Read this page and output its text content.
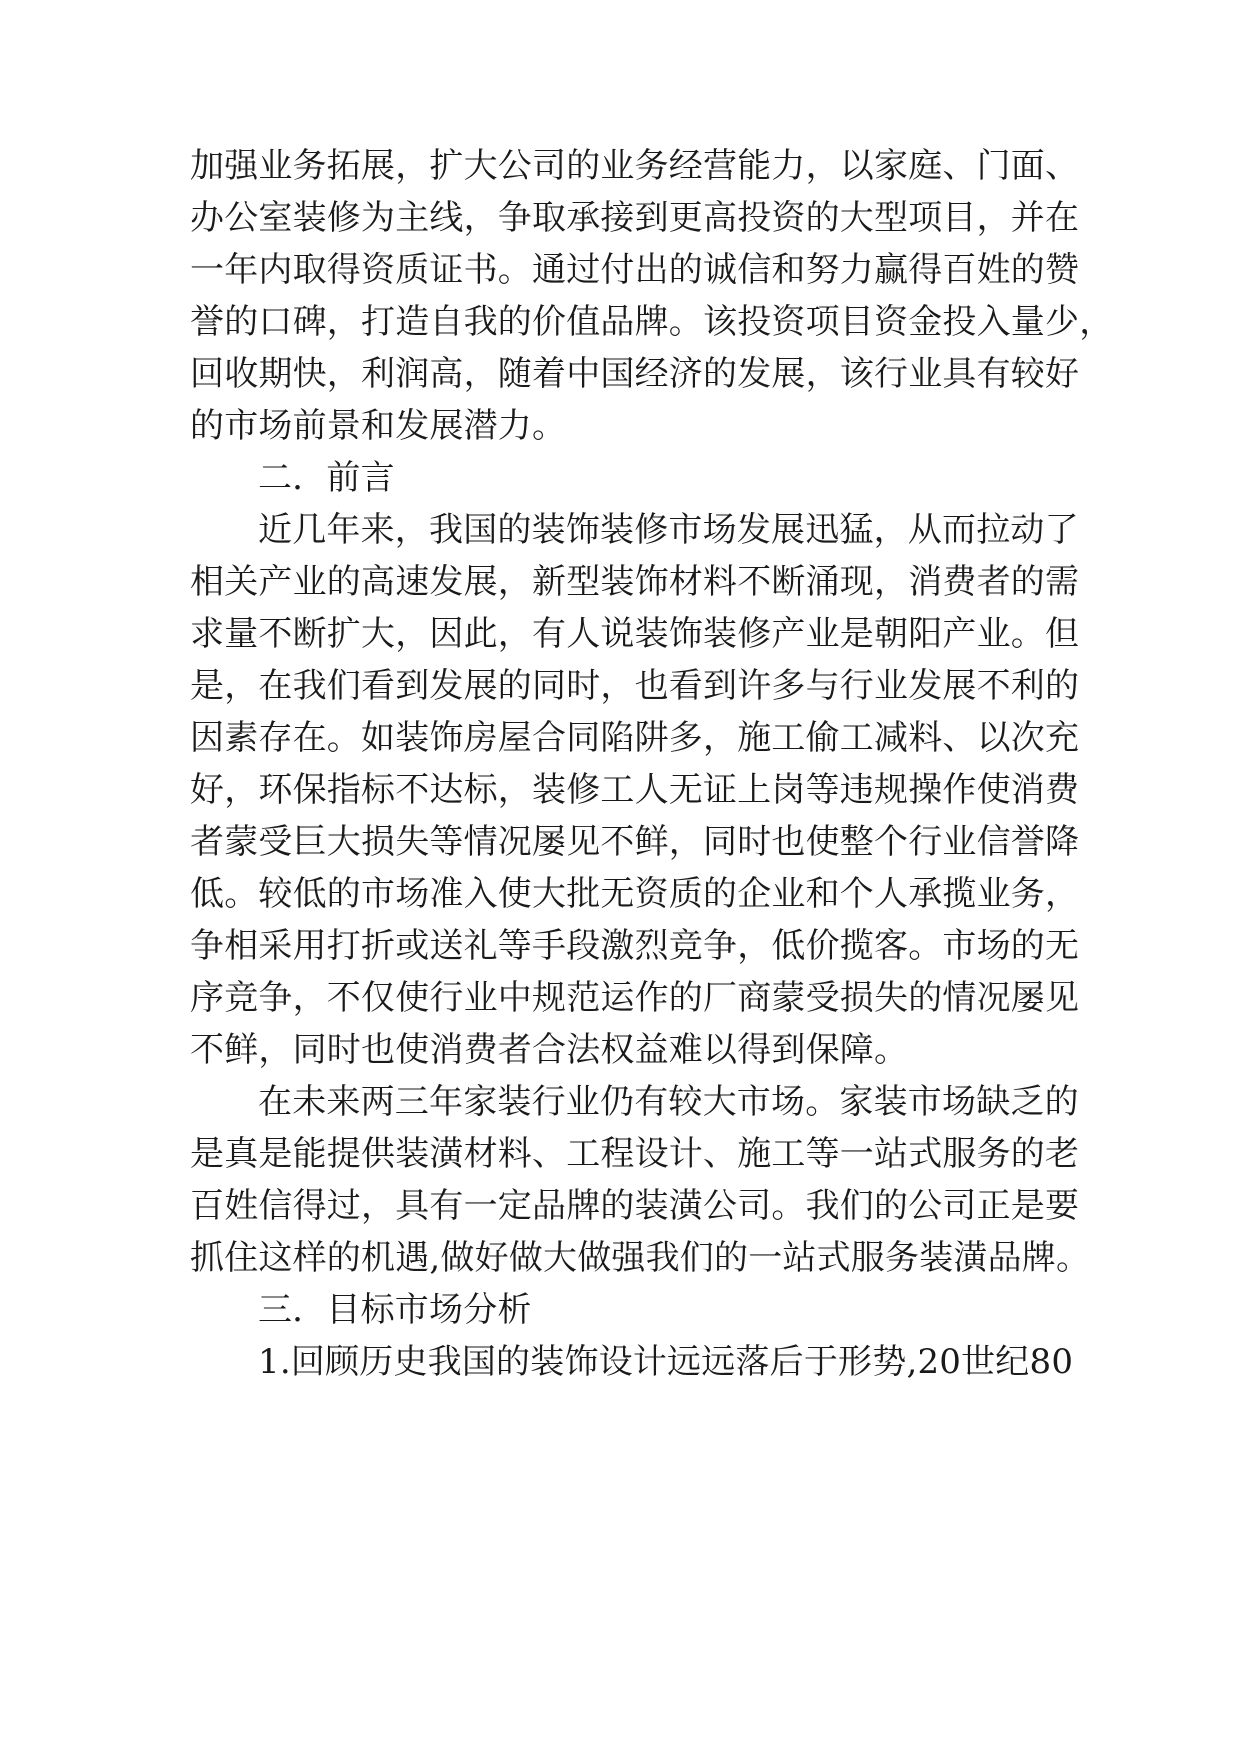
加强业务拓展，扩大公司的业务经营能力，以家庭、门面、
办公室装修为主线，争取承接到更高投资的大型项目，并在
一年内取得资质证书。通过付出的诚信和努力赢得百姓的赞
誉的口碑，打造自我的价值品牌。该投资项目资金投入量少，
回收期快，利润高，随着中国经济的发展，该行业具有较好
的市场前景和发展潜力。
二．前言
近几年来，我国的装饰装修市场发展迅猛，从而拉动了
相关产业的高速发展，新型装饰材料不断涌现，消费者的需
求量不断扩大，因此，有人说装饰装修产业是朝阳产业。但
是，在我们看到发展的同时，也看到许多与行业发展不利的
因素存在。如装饰房屋合同陷阱多，施工偷工减料、以次充
好，环保指标不达标，装修工人无证上岗等违规操作使消费
者蒙受巨大损失等情况屡见不鲜，同时也使整个行业信誉降
低。较低的市场准入使大批无资质的企业和个人承揽业务，
争相采用打折或送礼等手段激烈竞争，低价揽客。市场的无
序竞争，不仅使行业中规范运作的厂商蒙受损失的情况屡见
不鲜，同时也使消费者合法权益难以得到保障。
在未来两三年家装行业仍有较大市场。家装市场缺乏的
是真是能提供装潢材料、工程设计、施工等一站式服务的老
百姓信得过，具有一定品牌的装潢公司。我们的公司正是要
抓住这样的机遇,做好做大做强我们的一站式服务装潢品牌。
三．目标市场分析
1.回顾历史我国的装饰设计远远落后于形势,20世纪80
